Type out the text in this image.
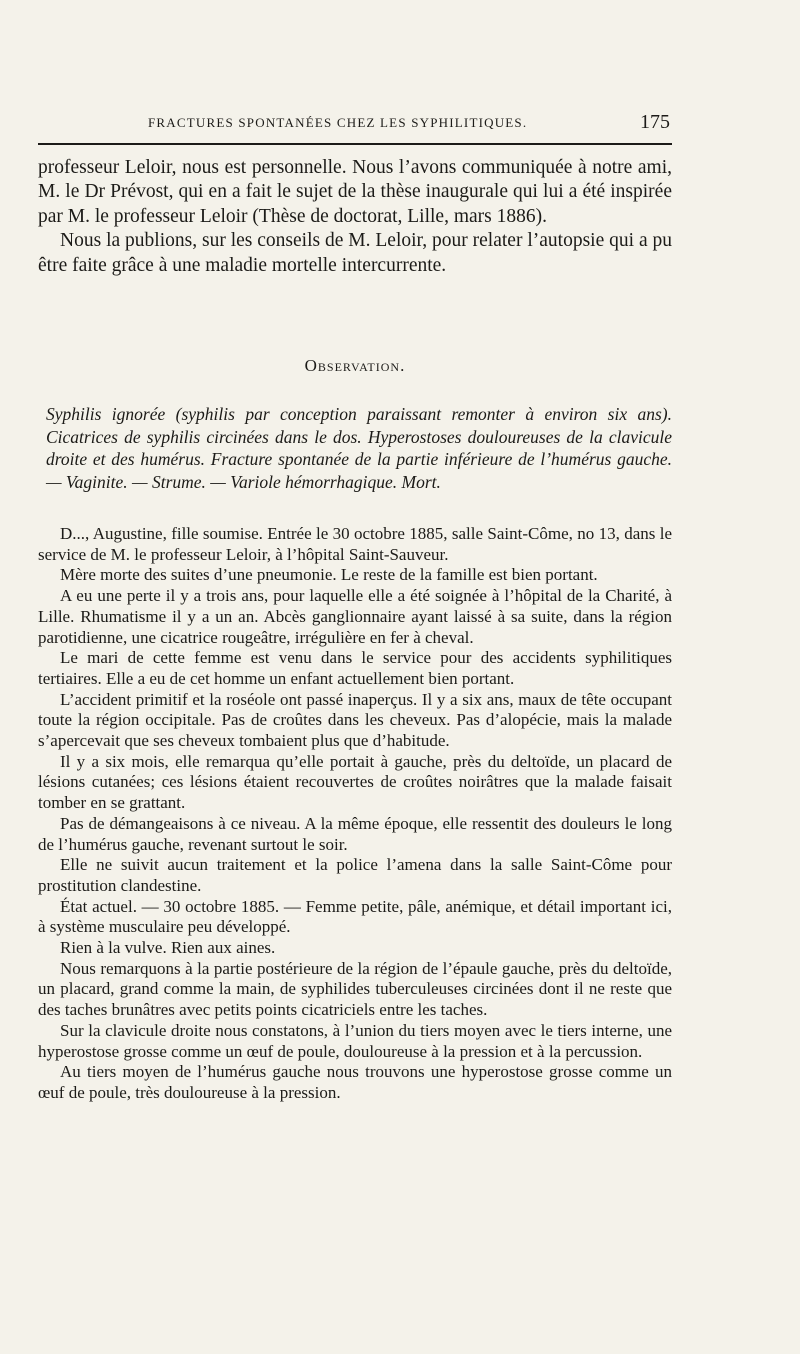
FRACTURES SPONTANÉES CHEZ LES SYPHILITIQUES.	175

professeur Leloir, nous est personnelle. Nous l’avons communiquée à notre ami, M. le Dr Prévost, qui en a fait le sujet de la thèse inaugurale qui lui a été inspirée par M. le professeur Leloir (Thèse de doctorat, Lille, mars 1886).

Nous la publions, sur les conseils de M. Leloir, pour relater l’autopsie qui a pu être faite grâce à une maladie mortelle intercurrente.

Observation.

Syphilis ignorée (syphilis par conception paraissant remonter à environ six ans). Cicatrices de syphilis circinées dans le dos. Hyperostoses douloureuses de la clavicule droite et des humérus. Fracture spontanée de la partie inférieure de l’humérus gauche. — Vaginite. — Strume. — Variole hémorrhagique. Mort.

D..., Augustine, fille soumise. Entrée le 30 octobre 1885, salle Saint-Côme, no 13, dans le service de M. le professeur Leloir, à l’hôpital Saint-Sauveur.

Mère morte des suites d’une pneumonie. Le reste de la famille est bien portant.

A eu une perte il y a trois ans, pour laquelle elle a été soignée à l’hôpital de la Charité, à Lille. Rhumatisme il y a un an. Abcès ganglionnaire ayant laissé à sa suite, dans la région parotidienne, une cicatrice rougeâtre, irrégulière en fer à cheval.

Le mari de cette femme est venu dans le service pour des accidents syphilitiques tertiaires. Elle a eu de cet homme un enfant actuellement bien portant.

L’accident primitif et la roséole ont passé inaperçus. Il y a six ans, maux de tête occupant toute la région occipitale. Pas de croûtes dans les cheveux. Pas d’alopécie, mais la malade s’apercevait que ses cheveux tombaient plus que d’habitude.

Il y a six mois, elle remarqua qu’elle portait à gauche, près du deltoïde, un placard de lésions cutanées; ces lésions étaient recouvertes de croûtes noirâtres que la malade faisait tomber en se grattant.

Pas de démangeaisons à ce niveau. A la même époque, elle ressentit des douleurs le long de l’humérus gauche, revenant surtout le soir.

Elle ne suivit aucun traitement et la police l’amena dans la salle Saint-Côme pour prostitution clandestine.

État actuel. — 30 octobre 1885. — Femme petite, pâle, anémique, et détail important ici, à système musculaire peu développé.

Rien à la vulve. Rien aux aines.

Nous remarquons à la partie postérieure de la région de l’épaule gauche, près du deltoïde, un placard, grand comme la main, de syphilides tuberculeuses circinées dont il ne reste que des taches brunâtres avec petits points cicatriciels entre les taches.

Sur la clavicule droite nous constatons, à l’union du tiers moyen avec le tiers interne, une hyperostose grosse comme un œuf de poule, douloureuse à la pression et à la percussion.

Au tiers moyen de l’humérus gauche nous trouvons une hyperostose grosse comme un œuf de poule, très douloureuse à la pression.
